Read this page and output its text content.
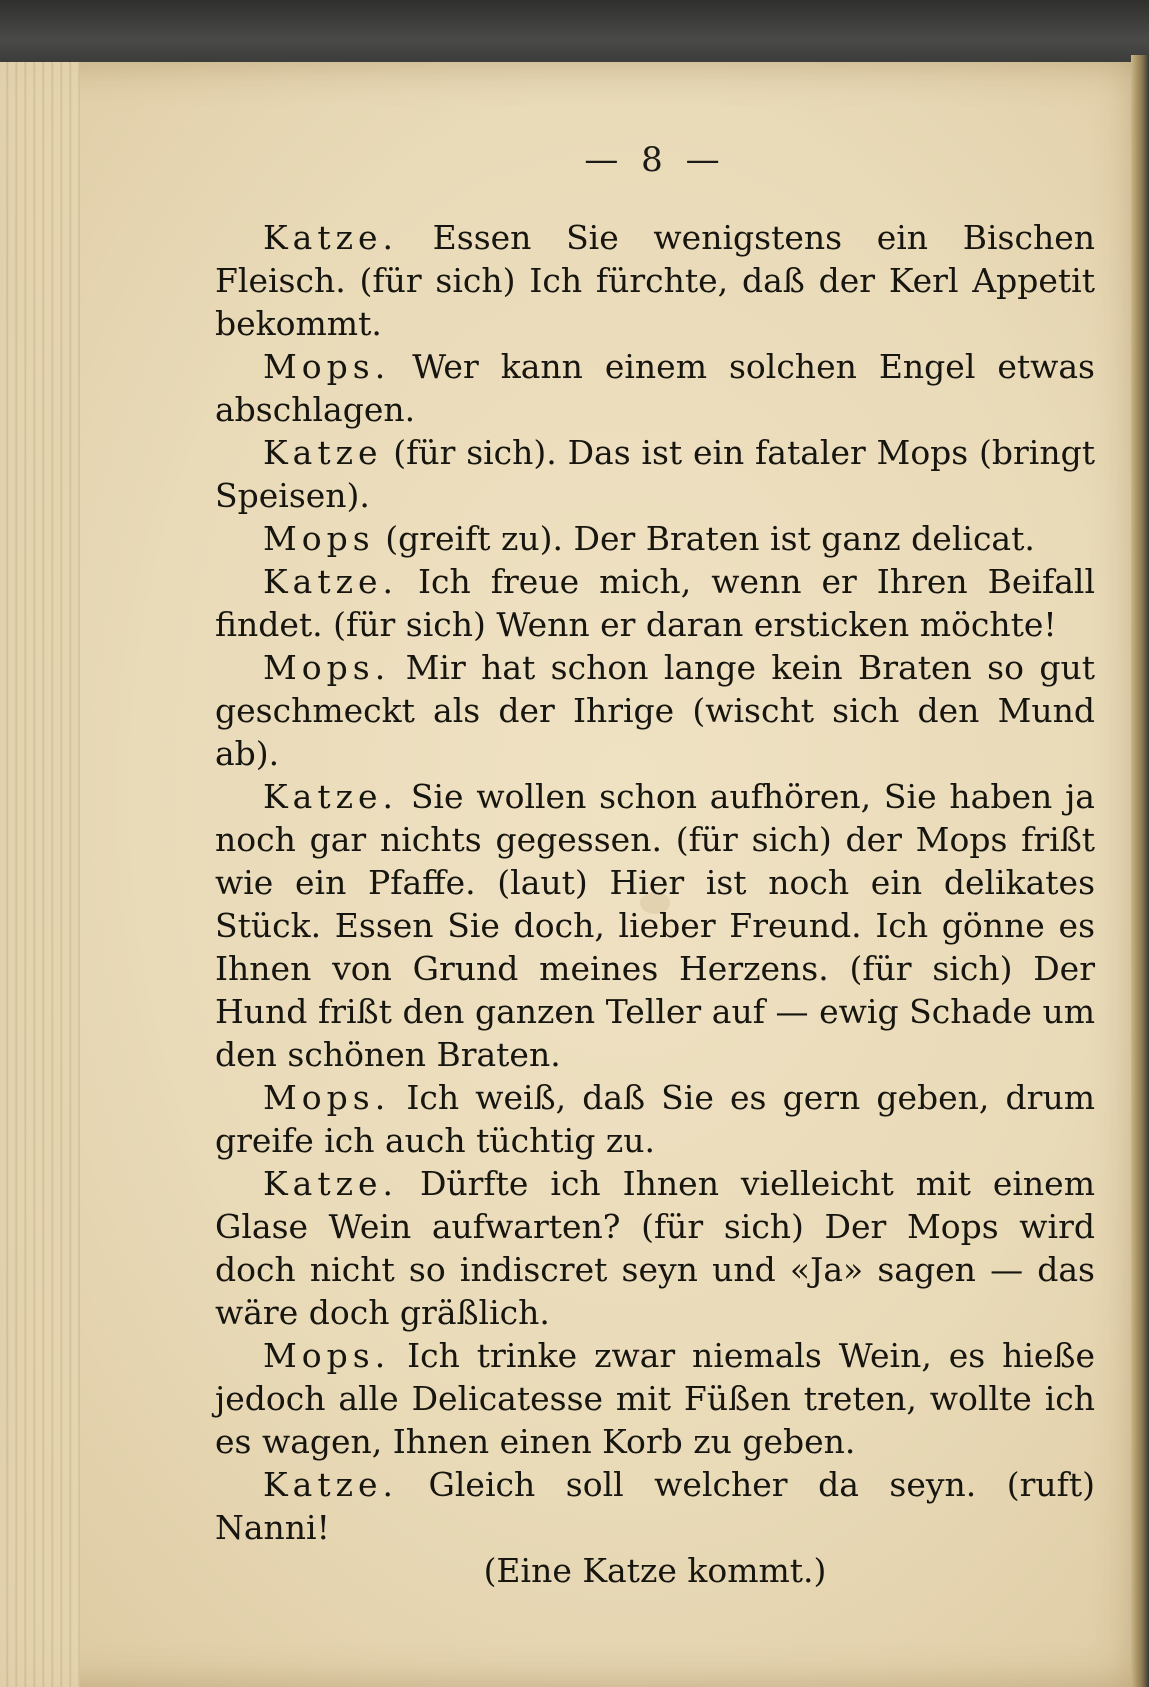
— 8 —

Katze. Essen Sie wenigstens ein Bischen Fleisch. (für sich) Ich fürchte, daß der Kerl Appetit bekommt.

Mops. Wer kann einem solchen Engel etwas abschlagen.

Katze (für sich). Das ist ein fataler Mops (bringt Speisen).

Mops (greift zu). Der Braten ist ganz delicat.

Katze. Ich freue mich, wenn er Ihren Beifall findet. (für sich) Wenn er daran ersticken möchte!

Mops. Mir hat schon lange kein Braten so gut geschmeckt als der Ihrige (wischt sich den Mund ab).

Katze. Sie wollen schon aufhören, Sie haben ja noch gar nichts gegessen. (für sich) der Mops frißt wie ein Pfaffe. (laut) Hier ist noch ein delikates Stück. Essen Sie doch, lieber Freund. Ich gönne es Ihnen von Grund meines Herzens. (für sich) Der Hund frißt den ganzen Teller auf — ewig Schade um den schönen Braten.

Mops. Ich weiß, daß Sie es gern geben, drum greife ich auch tüchtig zu.

Katze. Dürfte ich Ihnen vielleicht mit einem Glase Wein aufwarten? (für sich) Der Mops wird doch nicht so indiscret seyn und «Ja» sagen — das wäre doch gräßlich.

Mops. Ich trinke zwar niemals Wein, es hieße jedoch alle Delicatesse mit Füßen treten, wollte ich es wagen, Ihnen einen Korb zu geben.

Katze. Gleich soll welcher da seyn. (ruft) Nanni!

(Eine Katze kommt.)
